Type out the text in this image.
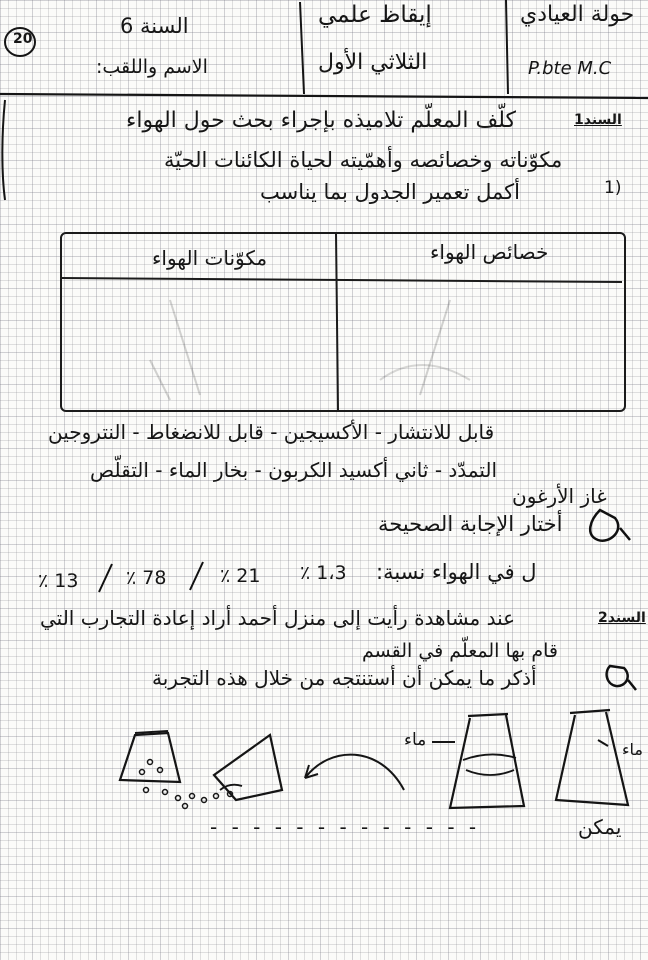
حولة العيادي
P.bte M.C
إيقاظ علمي
الثلاثي الأول
السنة 6
الاسم واللقب:
20
السند1
كلّف المعلّم تلاميذه بإجراء بحث حول الهواء
مكوّناته وخصائصه وأهمّيته لحياة الكائنات الحيّة
1)
أكمل تعمير الجدول بما يناسب
خصائص الهواء
مكوّنات الهواء
قابل للانتشار - الأكسيجين - قابل للانضغاط - النتروجين
التمدّد - ثاني أكسيد الكربون - بخار الماء - التقلّص
غاز الأرغون
أختار الإجابة الصحيحة
ل في الهواء نسبة:
1،3 ٪
21 ٪
78 ٪
13 ٪
السند2
عند مشاهدة رأيت إلى منزل أحمد أراد إعادة التجارب التي
قام بها المعلّم في القسم
أذكر ما يمكن أن أستنتجه من خلال هذه التجربة
ماء	ماء
يمكن
- - - - - - - - - - - - -
